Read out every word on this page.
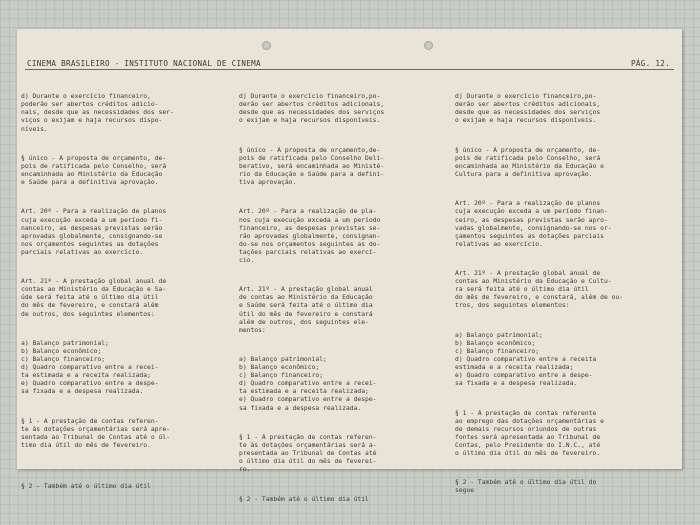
CINEMA BRASILEIRO - INSTITUTO NACIONAL DE CINEMA	PÁG. 12.

d) Durante o exercício financeiro,
poderão ser abertos créditos adicio-
nais, desde que as necessidades dos ser-
viços o exijam e haja recursos dispo-
níveis.

§ único - A proposta de orçamento, de-
pois de ratificada pelo Conselho, será
encaminhada ao Ministério da Educação
e Saúde para a definitiva aprovação.

Art. 20º - Para a realização de planos
cuja execução exceda a um período fi-
nanceiro, as despesas previstas serão
aprovadas globalmente, consignando-se
nos orçamentos seguintes as dotações
parciais relativas ao exercício.

Art. 21º - A prestação global anual de
contas ao Ministério da Educação e Sa-
úde será feita até o último dia útil
do mês de fevereiro, e constará além
de outros, dos seguintes elementos:

a) Balanço patrimonial;
b) Balanço econômico;
c) Balanço financeiro;
d) Quadro comparativo entre a recei-
ta estimada e a receita realizada;
e) Quadro comparativo entre a despe-
sa fixada e a despesa realizada.

§ 1 - A prestação de contas referen-
te às dotações orçamentárias será apre-
sentada ao Tribunal de Contas até o úl-
timo dia útil do mês de fevereiro.

§ 2 - Também até o último dia útil

d) Durante o exercício financeiro,po-
derão ser abertos créditos adicionais,
desde que as necessidades dos serviços
o exijam e haja recursos disponíveis.

§ único - A proposta de orçamento,de-
pois de ratificada pelo Conselho Deli-
berativo, será encaminhada ao Ministé-
rio da Educação e Saúde para a defini-
tiva aprovação.

Art. 20º - Para a realização de pla-
nos cuja execução exceda a um período
financeiro, as despesas previstas se-
rão aprovadas globalmente, consignan-
do-se nos orçamentos seguintes as do-
tações parciais relativas ao exercí-
cio.

Art. 21º - A prestação global anual
de contas ao Ministério da Educação
e Saúde será feita até o último dia
útil do mês de fevereiro e constará
além de outros, dos seguintes ele-
mentos:

a) Balanço patrimonial;
b) Balanço econômico;
c) Balanço financeiro;
d) Quadro comparativo entre a recei-
ta estimada e a receita realizada;
e) Quadro comparativo entre a despe-
sa fixada e a despesa realizada.

§ 1 - A prestação de contas referen-
te às dotações orçamentárias será a-
presentada ao Tribunal de Contas até
o último dia útil do mês de feverei-
ro.

§ 2 - Também até o último dia útil

d) Durante o exercício financeiro,po-
derão ser abertos créditos adicionais,
desde que as necessidades dos serviços
o exijam e haja recursos disponíveis.

§ único - A proposta de orçamento, de-
pois de ratificada pelo Conselho, será
encaminhada ao Ministério da Educação e
Cultura para a definitiva aprovação.

Art. 20º - Para a realização de planos
cuja execução exceda a um período finan-
ceiro, as despesas previstas serão apro-
vadas globalmente, consignando-se nos or-
çamentos seguintes as dotações parciais
relativas ao exercício.

Art. 21º - A prestação global anual de
contas ao Ministério da Educação e Cultu-
ra será feita até o último dia útil
do mês de fevereiro, e constará, além de ou-
tros, dos seguintes elementos:

a) Balanço patrimonial;
b) Balanço econômico;
c) Balanço financeiro;
d) Quadro comparativo entre a receita
estimada e a receita realizada;
e) Quadro comparativo entre a despe-
sa fixada e a despesa realizada.

§ 1 - A prestação de contas referente
ao emprego das dotações orçamentárias e
de demais recursos oriundos de outras
fontes será apresentada ao Tribunal de
Contas, pelo Presidente do I.N.C., até
o último dia útil do mês de fevereiro.

§ 2 - Também até o último dia útil do
segue
